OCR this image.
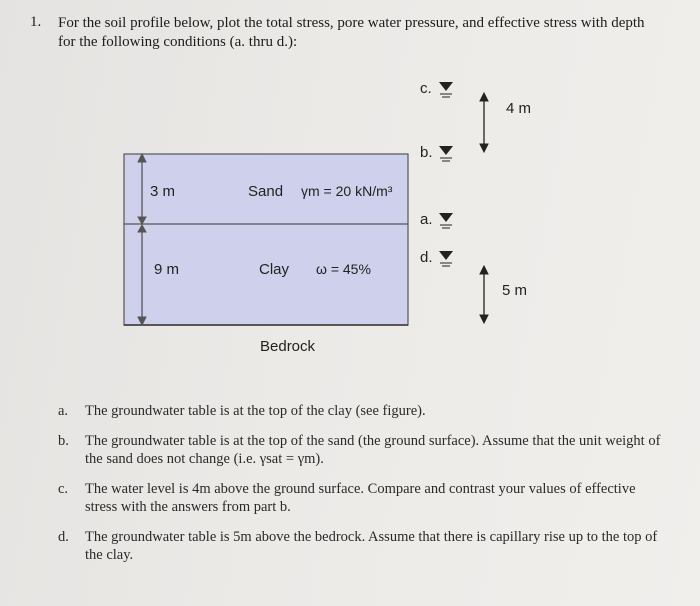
1. For the soil profile below, plot the total stress, pore water pressure, and effective stress with depth for the following conditions (a. thru d.):
3 m	Sand γm = 20 kN/m³
9 m	Clay ω = 45%
Bedrock
c.
b.
a.
d.
4 m
5 m
a. The groundwater table is at the top of the clay (see figure).
b. The groundwater table is at the top of the sand (the ground surface). Assume that the unit weight of the sand does not change (i.e. γsat = γm).
c. The water level is 4m above the ground surface. Compare and contrast your values of effective stress with the answers from part b.
d. The groundwater table is 5m above the bedrock. Assume that there is capillary rise up to the top of the clay.
